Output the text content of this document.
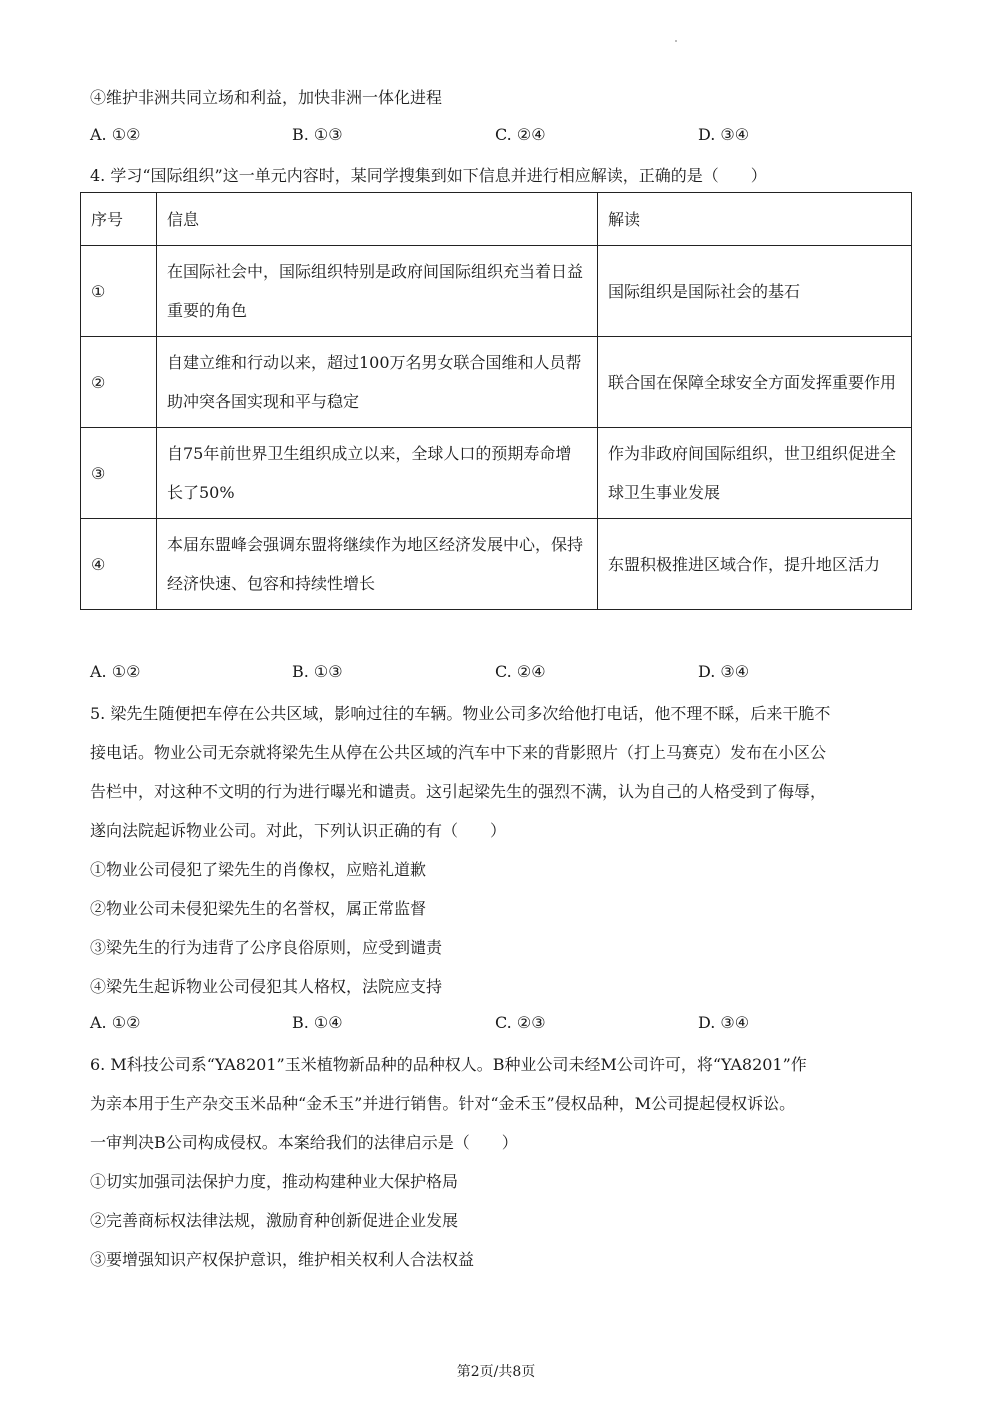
④维护非洲共同立场和利益，加快非洲一体化进程
A. ①②	B. ①③	C. ②④	D. ③④
4. 学习“国际组织”这一单元内容时，某同学搜集到如下信息并进行相应解读，正确的是（　　）
序号	信息	解读
①	在国际社会中，国际组织特别是政府间国际组织充当着日益重要的角色	国际组织是国际社会的基石
②	自建立维和行动以来，超过100万名男女联合国维和人员帮助冲突各国实现和平与稳定	联合国在保障全球安全方面发挥重要作用
③	自75年前世界卫生组织成立以来，全球人口的预期寿命增长了50%	作为非政府间国际组织，世卫组织促进全球卫生事业发展
④	本届东盟峰会强调东盟将继续作为地区经济发展中心，保持经济快速、包容和持续性增长	东盟积极推进区域合作，提升地区活力
A. ①②	B. ①③	C. ②④	D. ③④
5. 梁先生随便把车停在公共区域，影响过往的车辆。物业公司多次给他打电话，他不理不睬，后来干脆不
接电话。物业公司无奈就将梁先生从停在公共区域的汽车中下来的背影照片（打上马赛克）发布在小区公
告栏中，对这种不文明的行为进行曝光和谴责。这引起梁先生的强烈不满，认为自己的人格受到了侮辱，
遂向法院起诉物业公司。对此，下列认识正确的有（　　）
①物业公司侵犯了梁先生的肖像权，应赔礼道歉
②物业公司未侵犯梁先生的名誉权，属正常监督
③梁先生的行为违背了公序良俗原则，应受到谴责
④梁先生起诉物业公司侵犯其人格权，法院应支持
A. ①②	B. ①④	C. ②③	D. ③④
6. M科技公司系“YA8201”玉米植物新品种的品种权人。B种业公司未经M公司许可，将“YA8201”作
为亲本用于生产杂交玉米品种“金禾玉”并进行销售。针对“金禾玉”侵权品种，M公司提起侵权诉讼。
一审判决B公司构成侵权。本案给我们的法律启示是（　　）
①切实加强司法保护力度，推动构建种业大保护格局
②完善商标权法律法规，激励育种创新促进企业发展
③要增强知识产权保护意识，维护相关权利人合法权益
第2页/共8页
